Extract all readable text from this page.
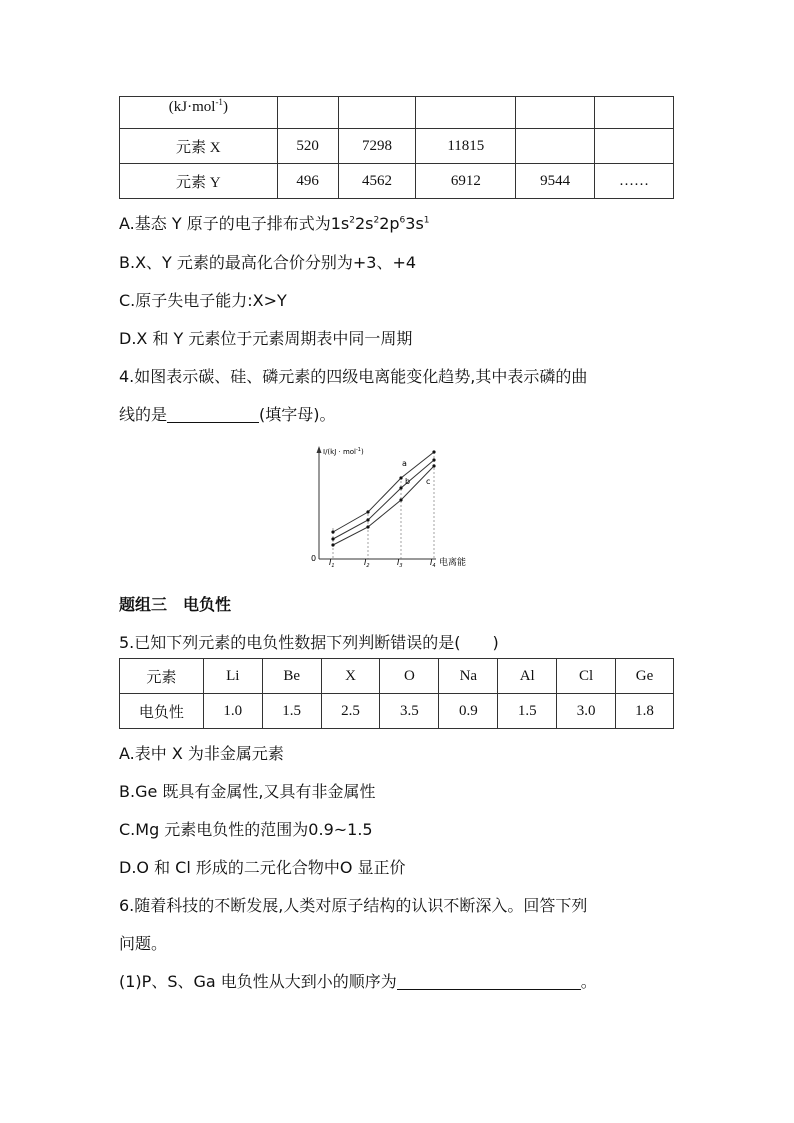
(kJ·mol$^{-1}$)					
元素 X	520	7298	11815		
元素 Y	496	4562	6912	9544	……
A.基态 Y 原子的电子排布式为$1s^22s^22p^63s^1$
B.X、Y 元素的最高化合价分别为+3、+4
C.原子失电子能力:X>Y
D.X 和 Y 元素位于元素周期表中同一周期
4.如图表示碳、硅、磷元素的四级电离能变化趋势,其中表示磷的曲
线的是	(填字母)。
a
b c
I/(kJ · mol$^{-1}$)
0 $I_1$	$I_2$	$I_3$	$I_4$ 电离能
题组三　电负性
5.已知下列元素的电负性数据下列判断错误的是(　　)
元素	Li	Be	X	O	Na	Al	Cl	Ge
电负性	1.0	1.5	2.5	3.5	0.9	1.5	3.0	1.8
A.表中 X 为非金属元素
B.Ge 既具有金属性,又具有非金属性
C.Mg 元素电负性的范围为0.9~1.5
D.O 和 Cl 形成的二元化合物中O 显正价
6.随着科技的不断发展,人类对原子结构的认识不断深入。回答下列
问题。
(1)P、S、Ga 电负性从大到小的顺序为	。
